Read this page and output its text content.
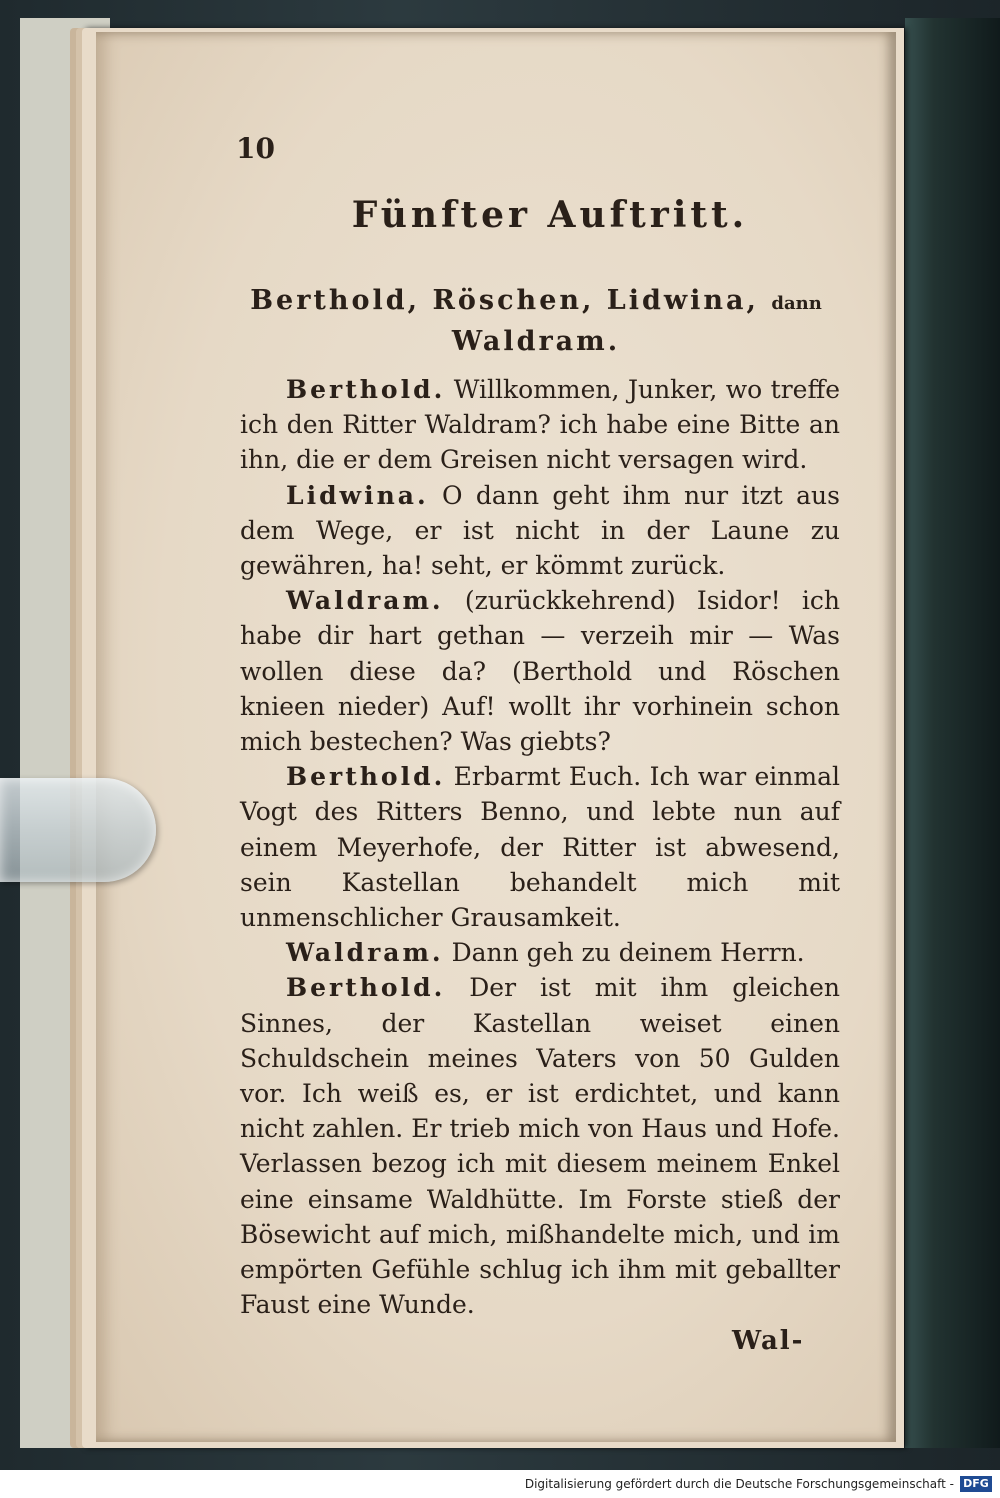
10
Fünfter Auftritt.
Berthold, Röschen, Lidwina, dann
Waldram.

Berthold. Willkommen, Junker, wo treffe ich den Ritter Waldram? ich habe eine Bitte an ihn, die er dem Greisen nicht versagen wird.

Lidwina. O dann geht ihm nur itzt aus dem Wege, er ist nicht in der Laune zu gewähren, ha! seht, er kömmt zurück.

Waldram. (zurückkehrend) Isidor! ich habe dir hart gethan — verzeih mir — Was wollen diese da? (Berthold und Röschen knieen nieder) Auf! wollt ihr vorhinein schon mich bestechen? Was giebts?

Berthold. Erbarmt Euch. Ich war einmal Vogt des Ritters Benno, und lebte nun auf einem Meyerhofe, der Ritter ist abwesend, sein Kastellan behandelt mich mit unmenschlicher Grausamkeit.

Waldram. Dann geh zu deinem Herrn.

Berthold. Der ist mit ihm gleichen Sinnes, der Kastellan weiset einen Schuldschein meines Vaters von 50 Gulden vor. Ich weiß es, er ist erdichtet, und kann nicht zahlen. Er trieb mich von Haus und Hofe. Verlassen bezog ich mit diesem meinem Enkel eine einsame Waldhütte. Im Forste stieß der Bösewicht auf mich, mißhandelte mich, und im empörten Gefühle schlug ich ihm mit geballter Faust eine Wunde.

Wal-
Digitalisierung gefördert durch die Deutsche Forschungsgemeinschaft - DFG
